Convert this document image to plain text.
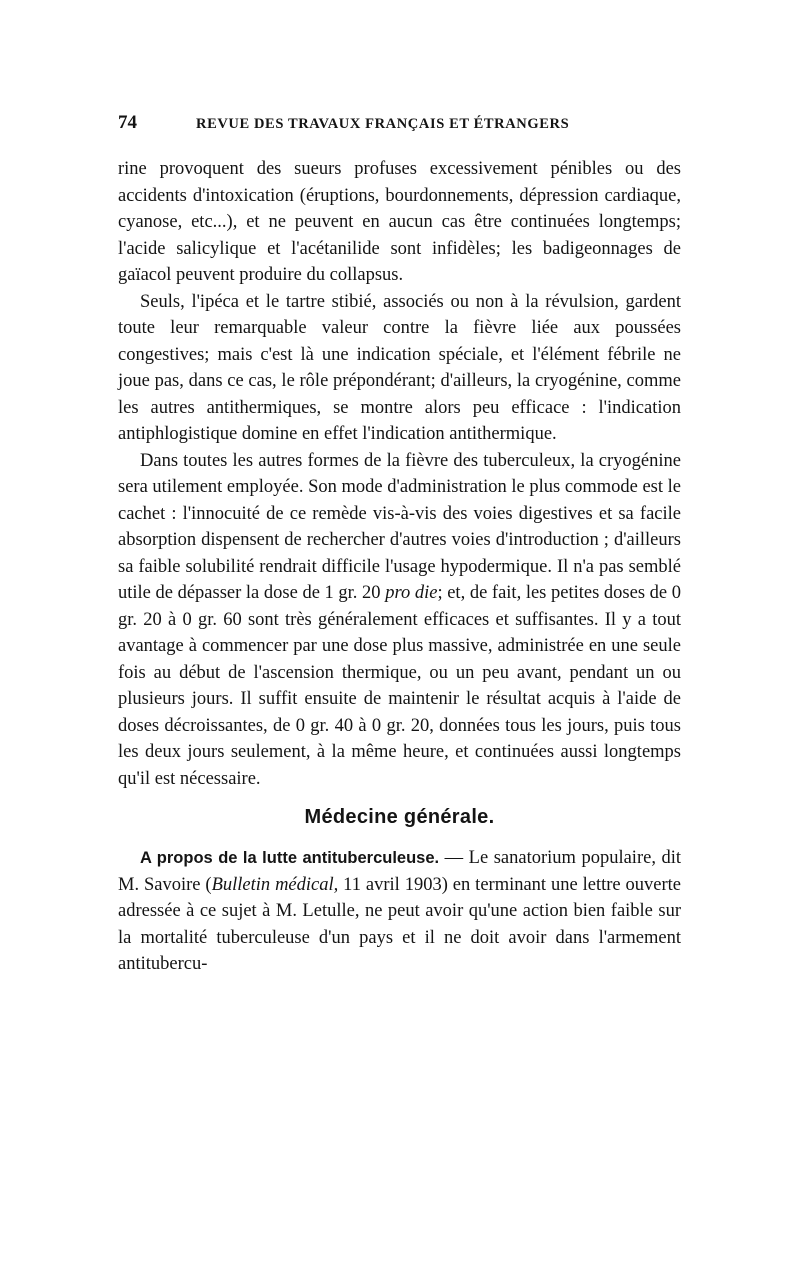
74	REVUE DES TRAVAUX FRANÇAIS ET ÉTRANGERS

rine provoquent des sueurs profuses excessivement pénibles ou des accidents d'intoxication (éruptions, bourdonnements, dépression cardiaque, cyanose, etc...), et ne peuvent en aucun cas être continuées longtemps; l'acide salicylique et l'acétanilide sont infidèles; les badigeonnages de gaïacol peuvent produire du collapsus.

Seuls, l'ipéca et le tartre stibié, associés ou non à la révulsion, gardent toute leur remarquable valeur contre la fièvre liée aux poussées congestives; mais c'est là une indication spéciale, et l'élément fébrile ne joue pas, dans ce cas, le rôle prépondérant; d'ailleurs, la cryogénine, comme les autres antithermiques, se montre alors peu efficace : l'indication antiphlogistique domine en effet l'indication antithermique.

Dans toutes les autres formes de la fièvre des tuberculeux, la cryogénine sera utilement employée. Son mode d'administration le plus commode est le cachet : l'innocuité de ce remède vis-à-vis des voies digestives et sa facile absorption dispensent de rechercher d'autres voies d'introduction ; d'ailleurs sa faible solubilité rendrait difficile l'usage hypodermique. Il n'a pas semblé utile de dépasser la dose de 1 gr. 20 pro die; et, de fait, les petites doses de 0 gr. 20 à 0 gr. 60 sont très généralement efficaces et suffisantes. Il y a tout avantage à commencer par une dose plus massive, administrée en une seule fois au début de l'ascension thermique, ou un peu avant, pendant un ou plusieurs jours. Il suffit ensuite de maintenir le résultat acquis à l'aide de doses décroissantes, de 0 gr. 40 à 0 gr. 20, données tous les jours, puis tous les deux jours seulement, à la même heure, et continuées aussi longtemps qu'il est nécessaire.

Médecine générale.

A propos de la lutte antituberculeuse. — Le sanatorium populaire, dit M. Savoire (Bulletin médical, 11 avril 1903) en terminant une lettre ouverte adressée à ce sujet à M. Letulle, ne peut avoir qu'une action bien faible sur la mortalité tuberculeuse d'un pays et il ne doit avoir dans l'armement antitubercu-
